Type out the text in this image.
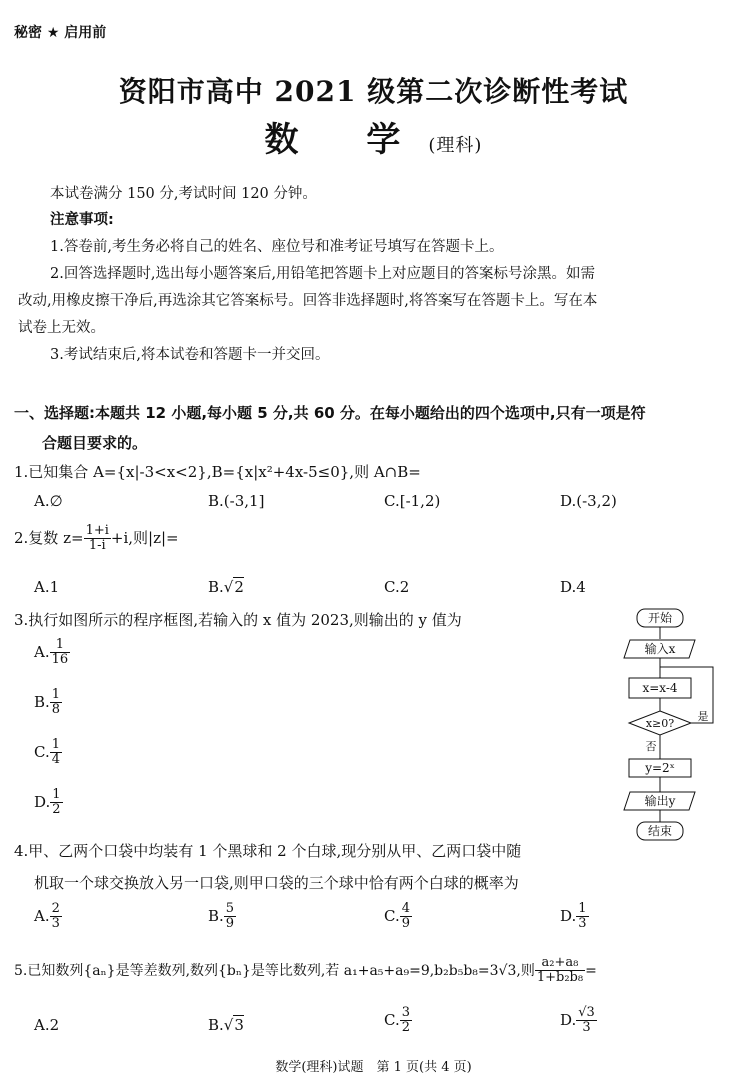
秘密 ★ 启用前
资阳市高中 2021 级第二次诊断性考试
数 学(理科)
本试卷满分 150 分,考试时间 120 分钟。
注意事项:
1.答卷前,考生务必将自己的姓名、座位号和准考证号填写在答题卡上。
2.回答选择题时,选出每小题答案后,用铅笔把答题卡上对应题目的答案标号涂黑。如需
改动,用橡皮擦干净后,再选涂其它答案标号。回答非选择题时,将答案写在答题卡上。写在本
试卷上无效。
3.考试结束后,将本试卷和答题卡一并交回。
一、选择题:本题共 12 小题,每小题 5 分,共 60 分。在每小题给出的四个选项中,只有一项是符
合题目要求的。
1.已知集合 A={x|-3<x<2},B={x|x²+4x-5≤0},则 A∩B=
A.∅	B.(-3,1]	C.[-1,2)	D.(-3,2)
2.复数 $z= \frac{1+i}{1-i} +i$,则|z|=
A.1	B.√2	C.2	D.4
3.执行如图所示的程序框图,若输入的 x 值为 2023,则输出的 y 值为
A. $\frac{1}{16}$
B. $\frac{1}{8}$
C. $\frac{1}{4}$
D. $\frac{1}{2}$
开始
输入x
x=x-4
x≥0?
是
否
y=2ˣ
输出y
结束
4.甲、乙两个口袋中均装有 1 个黑球和 2 个白球,现分别从甲、乙两口袋中随
机取一个球交换放入另一口袋,则甲口袋的三个球中恰有两个白球的概率为
A. $\frac{2}{3}$	B. $\frac{5}{9}$	C. $\frac{4}{9}$	D. $\frac{1}{3}$
5.已知数列{aₙ}是等差数列,数列{bₙ}是等比数列,若 a₁+a₅+a₉=9,b₂b₅b₈=3√3,则 $\frac{\text{a₂+a₈}}{\text{1+b₂b₈}}$ =
A.2	B.√3	C. $\frac{3}{2}$	D. $\frac{√3}{3}$
数学(理科)试题　第 1 页(共 4 页)
